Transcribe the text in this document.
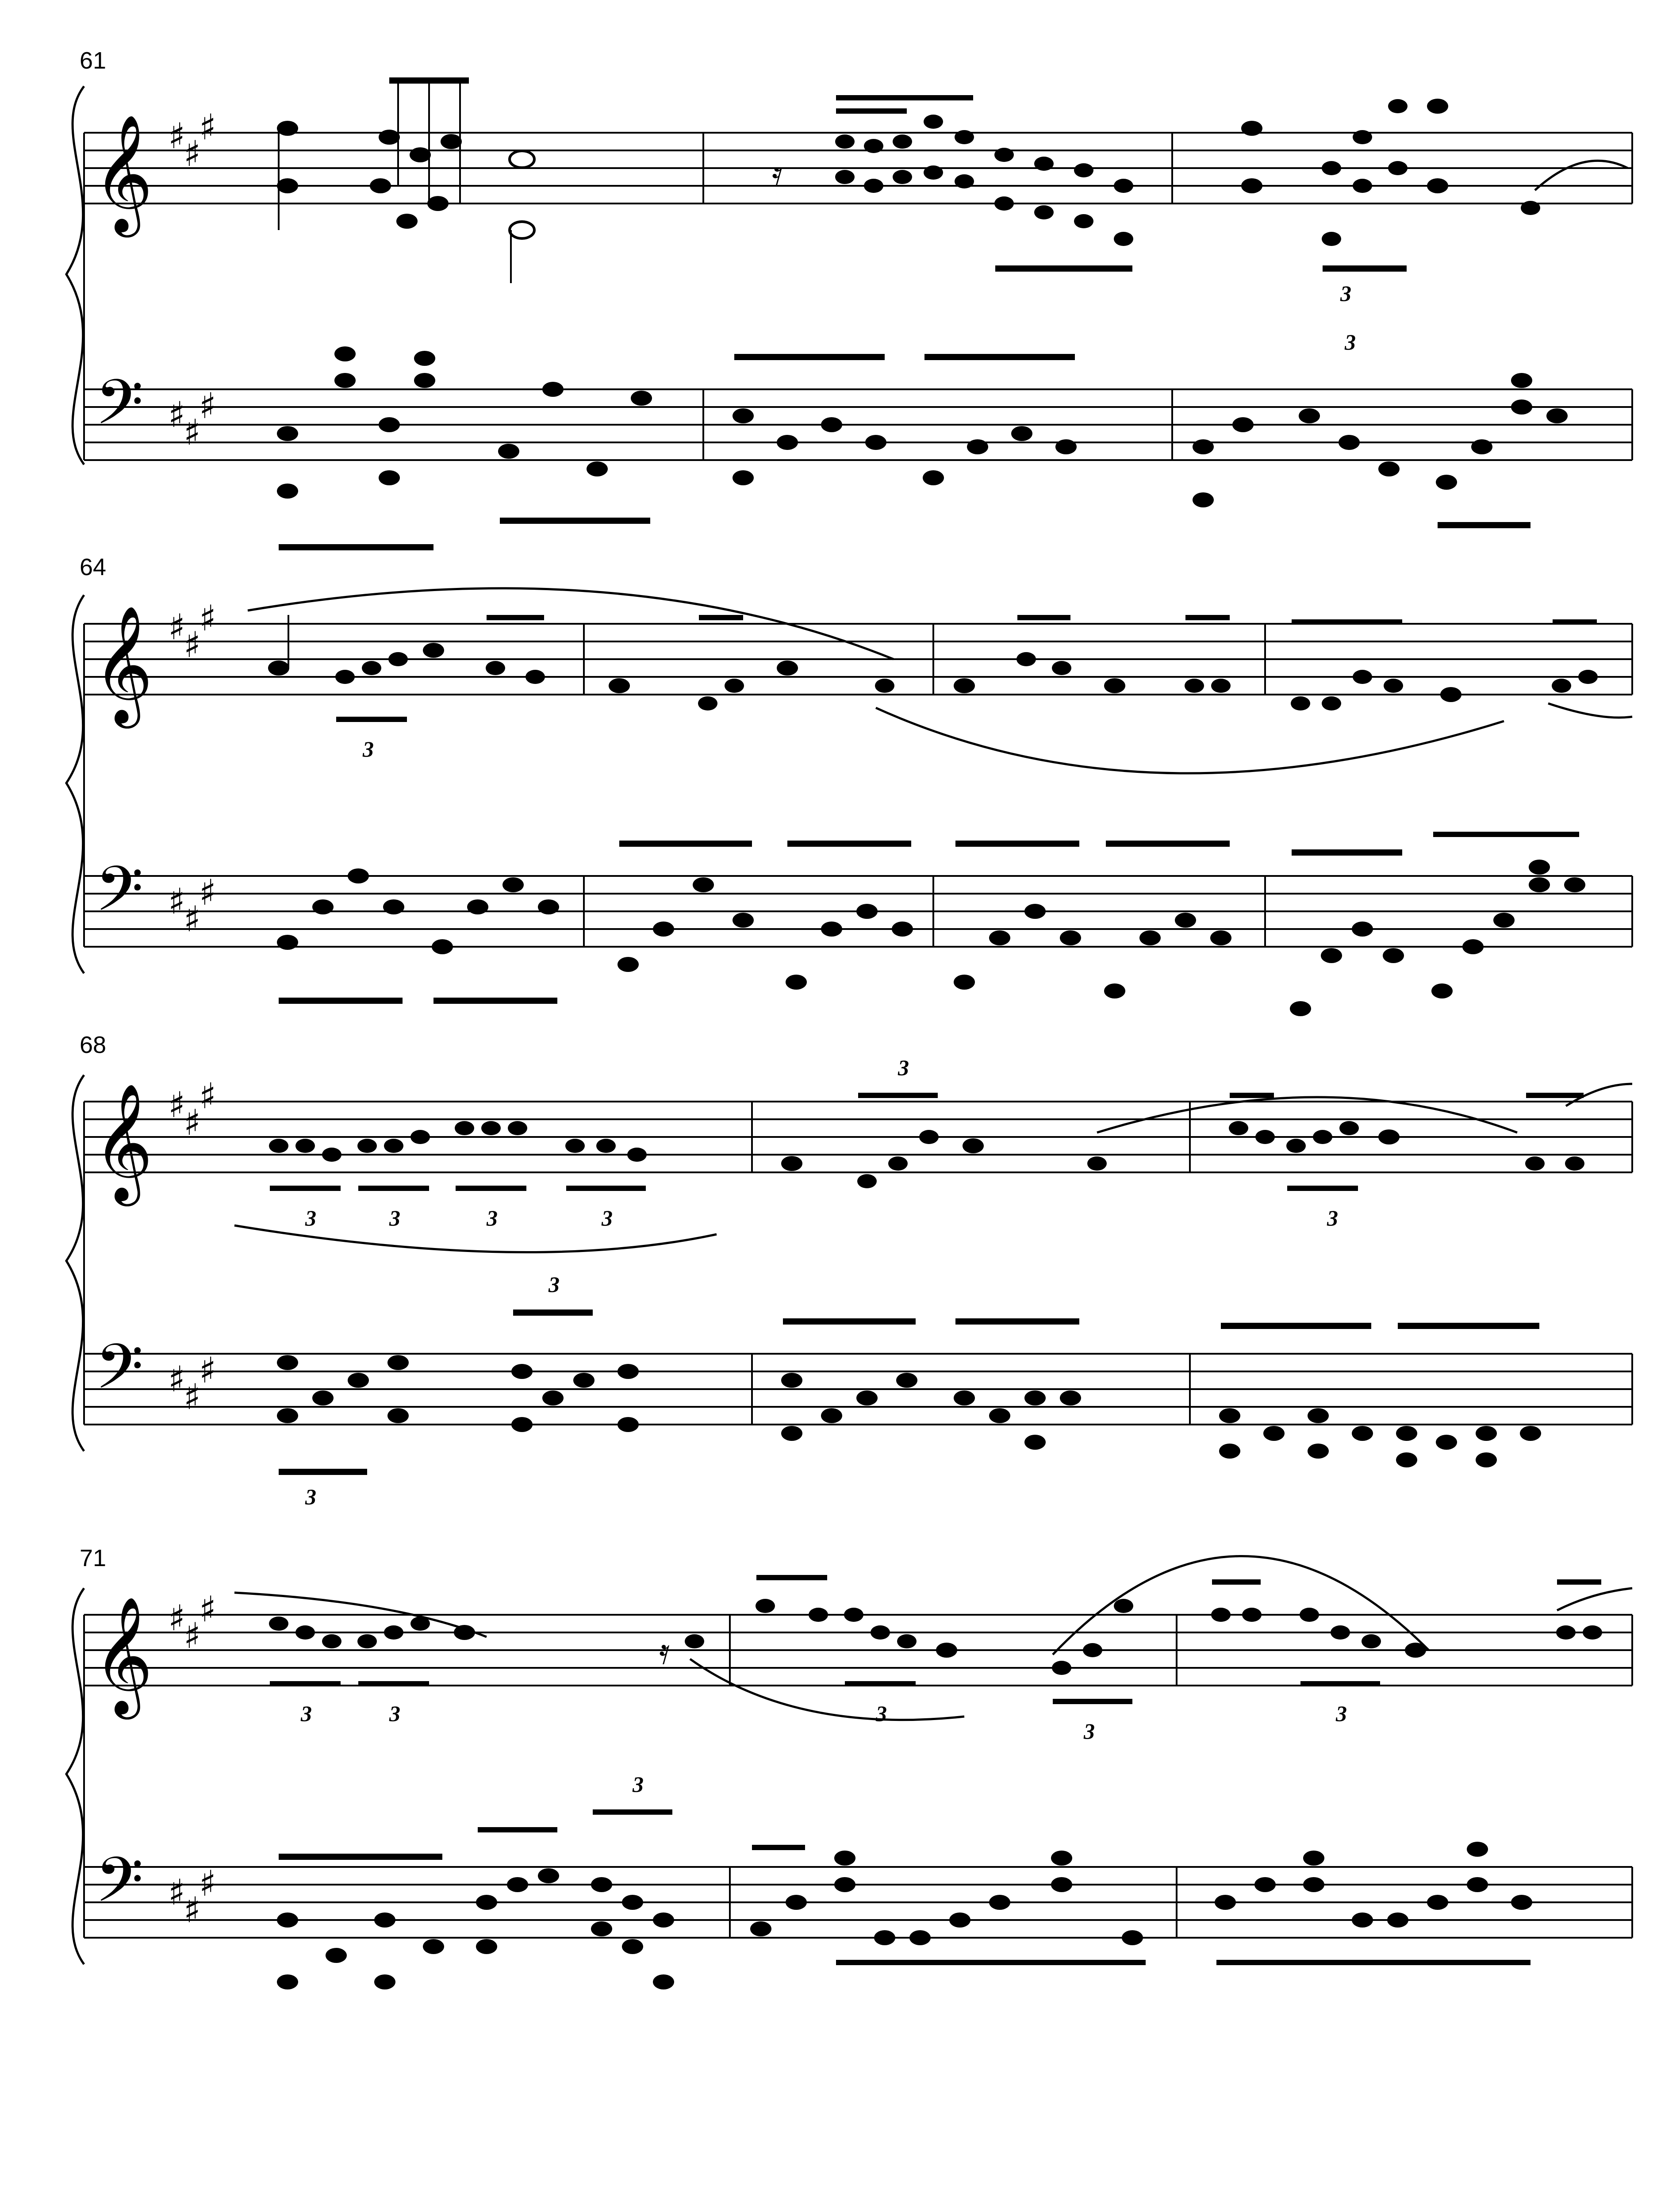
61
𝄞 ♯
♯
♯
𝄢 ♯
♯
♯
𝄿
3
3
64
𝄞 ♯
♯
♯
𝄢 ♯
♯
♯
3
68
𝄞 ♯
♯
♯
𝄢 ♯
♯
♯
3	3	3	3
3
3
3
3
71
𝄞 ♯
♯
♯
𝄢 ♯
♯
♯
3	3
𝄿
3
3
3
3
